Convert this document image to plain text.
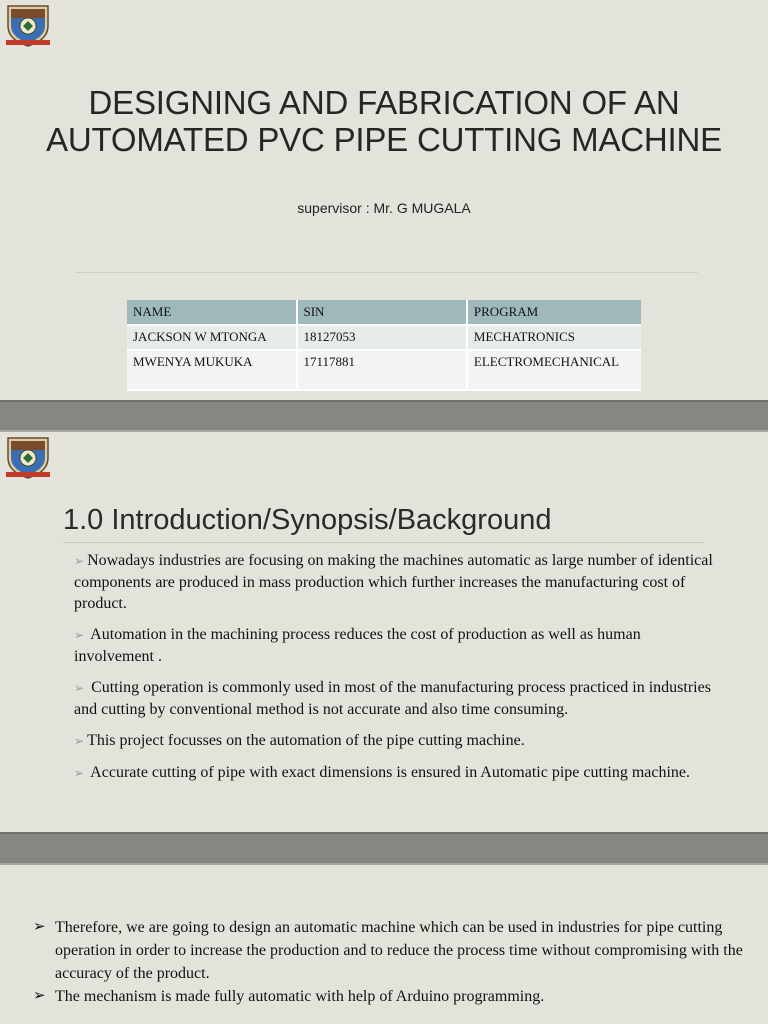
DESIGNING AND FABRICATION OF AN
AUTOMATED PVC PIPE CUTTING MACHINE
supervisor : Mr. G MUGALA
NAME	SIN	PROGRAM
JACKSON W MTONGA	18127053	MECHATRONICS
MWENYA MUKUKA	17117881	ELECTROMECHANICAL
1.0 Introduction/Synopsis/Background
➢ Nowadays industries are focusing on making the machines automatic as large number of identical components are produced in mass production which further increases the manufacturing cost of product.
➢ Automation in the machining process reduces the cost of production as well as human involvement .
➢ Cutting operation is commonly used in most of the manufacturing process practiced in industries and cutting by conventional method is not accurate and also time consuming.
➢ This project focusses on the automation of the pipe cutting machine.
➢ Accurate cutting of pipe with exact dimensions is ensured in Automatic pipe cutting machine.
➢ Therefore, we are going to design an automatic machine which can be used in industries for pipe cutting operation in order to increase the production and to reduce the process time without compromising with the accuracy of the product.
➢ The mechanism is made fully automatic with help of Arduino programming.
